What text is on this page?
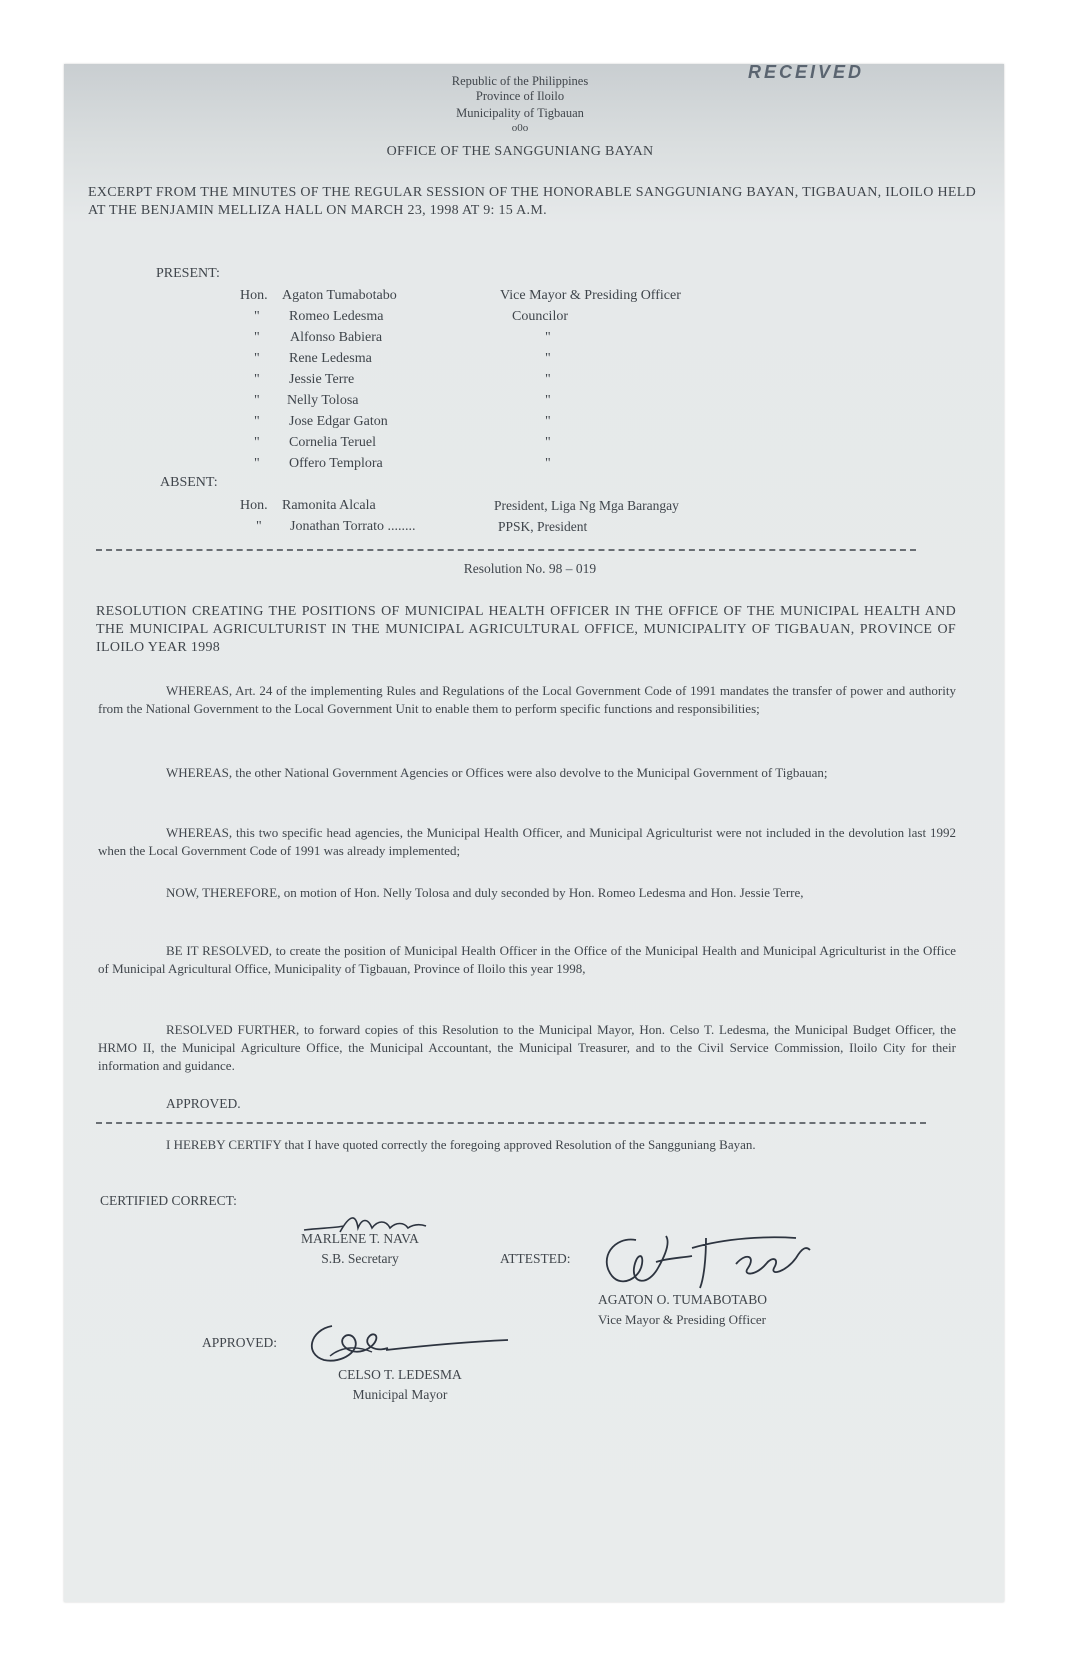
RECEIVED

Republic of the Philippines

Province of Iloilo

Municipality of Tigbauan

o0o

OFFICE OF THE SANGGUNIANG BAYAN

EXCERPT FROM THE MINUTES OF THE REGULAR SESSION OF THE HONORABLE SANGGUNIANG BAYAN, TIGBAUAN, ILOILO HELD AT THE BENJAMIN MELLIZA HALL ON MARCH 23, 1998 AT 9: 15 A.M.

PRESENT:

Hon. Agaton Tumabotabo	Vice Mayor & Presiding Officer
" Romeo Ledesma	Councilor
" Alfonso Babiera	"
" Rene Ledesma	"
" Jessie Terre	"
" Nelly Tolosa	"
" Jose Edgar Gaton	"
" Cornelia Teruel	"
" Offero Templora	"

ABSENT:

Hon. Ramonita Alcala	President, Liga Ng Mga Barangay
" Jonathan Torrato ........	PPSK, President

Resolution No. 98 – 019

RESOLUTION CREATING THE POSITIONS OF MUNICIPAL HEALTH OFFICER IN THE OFFICE OF THE MUNICIPAL HEALTH AND THE MUNICIPAL AGRICULTURIST IN THE MUNICIPAL AGRICULTURAL OFFICE, MUNICIPALITY OF TIGBAUAN, PROVINCE OF ILOILO YEAR 1998

WHEREAS, Art. 24 of the implementing Rules and Regulations of the Local Government Code of 1991 mandates the transfer of power and authority from the National Government to the Local Government Unit to enable them to perform specific functions and responsibilities;

WHEREAS, the other National Government Agencies or Offices were also devolve to the Municipal Government of Tigbauan;

WHEREAS, this two specific head agencies, the Municipal Health Officer, and Municipal Agriculturist were not included in the devolution last 1992 when the Local Government Code of 1991 was already implemented;

NOW, THEREFORE, on motion of Hon. Nelly Tolosa and duly seconded by Hon. Romeo Ledesma and Hon. Jessie Terre,

BE IT RESOLVED, to create the position of Municipal Health Officer in the Office of the Municipal Health and Municipal Agriculturist in the Office of Municipal Agricultural Office, Municipality of Tigbauan, Province of Iloilo this year 1998,

RESOLVED FURTHER, to forward copies of this Resolution to the Municipal Mayor, Hon. Celso T. Ledesma, the Municipal Budget Officer, the HRMO II, the Municipal Agriculture Office, the Municipal Accountant, the Municipal Treasurer, and to the Civil Service Commission, Iloilo City for their information and guidance.

APPROVED.

I HEREBY CERTIFY that I have quoted correctly the foregoing approved Resolution of the Sangguniang Bayan.

CERTIFIED CORRECT:

MARLENE T. NAVA

S.B. Secretary	ATTESTED:

AGATON O. TUMABOTABO

Vice Mayor & Presiding Officer

APPROVED:

CELSO T. LEDESMA

Municipal Mayor
